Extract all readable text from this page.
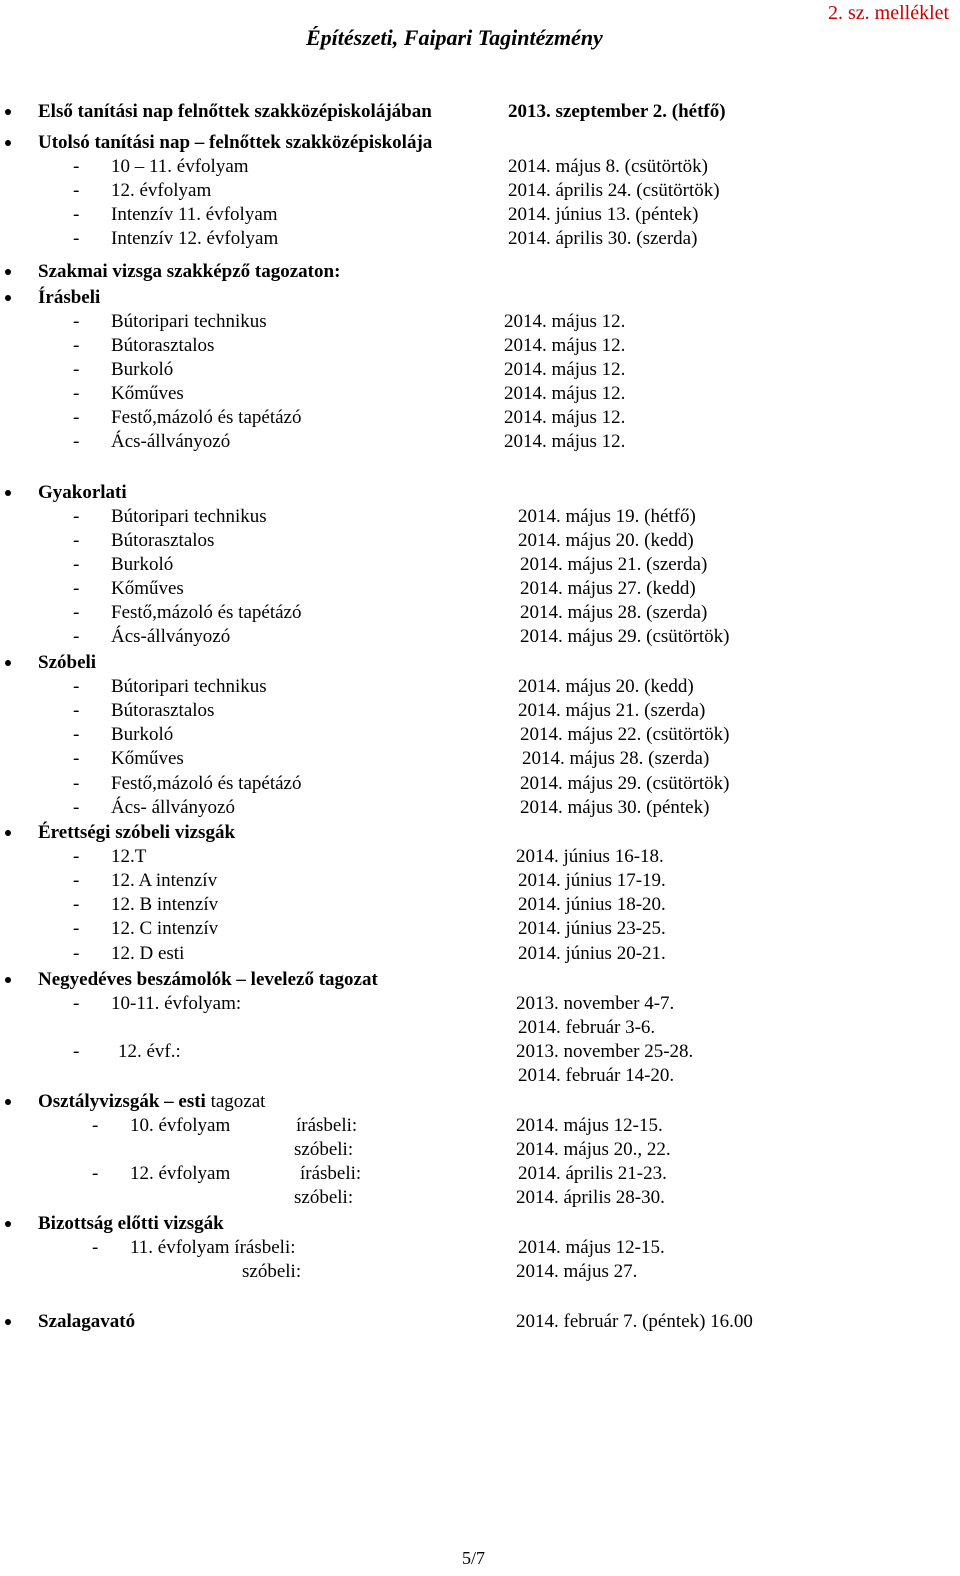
2. sz. melléklet
Építészeti, Faipari Tagintézmény
Első tanítási nap felnőttek szakközépiskolájában	2013. szeptember 2. (hétfő)
Utolsó tanítási nap – felnőttek szakközépiskolája
- 10 – 11. évfolyam	2014. május 8. (csütörtök)
- 12. évfolyam	2014. április 24. (csütörtök)
- Intenzív 11. évfolyam	2014. június 13. (péntek)
- Intenzív 12. évfolyam	2014. április 30. (szerda)
Szakmai vizsga szakképző tagozaton:
Írásbeli
- Bútoripari technikus	2014. május 12.
- Bútorasztalos	2014. május 12.
- Burkoló	2014. május 12.
- Kőműves	2014. május 12.
- Festő,mázoló és tapétázó	2014. május 12.
- Ács-állványozó	2014. május 12.
Gyakorlati
- Bútoripari technikus	2014. május 19. (hétfő)
- Bútorasztalos	2014. május 20. (kedd)
- Burkoló	2014. május 21. (szerda)
- Kőműves	2014. május 27. (kedd)
- Festő,mázoló és tapétázó	2014. május 28. (szerda)
- Ács-állványozó	2014. május 29. (csütörtök)
Szóbeli
- Bútoripari technikus	2014. május 20. (kedd)
- Bútorasztalos	2014. május 21. (szerda)
- Burkoló	2014. május 22. (csütörtök)
- Kőműves	2014. május 28. (szerda)
- Festő,mázoló és tapétázó	2014. május 29. (csütörtök)
- Ács- állványozó	2014. május 30. (péntek)
Érettségi szóbeli vizsgák
- 12.T	2014. június 16-18.
- 12. A intenzív	2014. június 17-19.
- 12. B intenzív	2014. június 18-20.
- 12. C intenzív	2014. június 23-25.
- 12. D esti	2014. június 20-21.
Negyedéves beszámolók – levelező tagozat
- 10-11. évfolyam:	2013. november 4-7.
2014. február 3-6.
- 12. évf.:	2013. november 25-28.
2014. február 14-20.
Osztályvizsgák – esti tagozat
- 10. évfolyam	írásbeli:	2014. május 12-15.
szóbeli:	2014. május 20., 22.
- 12. évfolyam	írásbeli:	2014. április 21-23.
szóbeli:	2014. április 28-30.
Bizottság előtti vizsgák
- 11. évfolyam írásbeli:	2014. május 12-15.
szóbeli:	2014. május 27.
Szalagavató	2014. február 7. (péntek) 16.00
5/7
